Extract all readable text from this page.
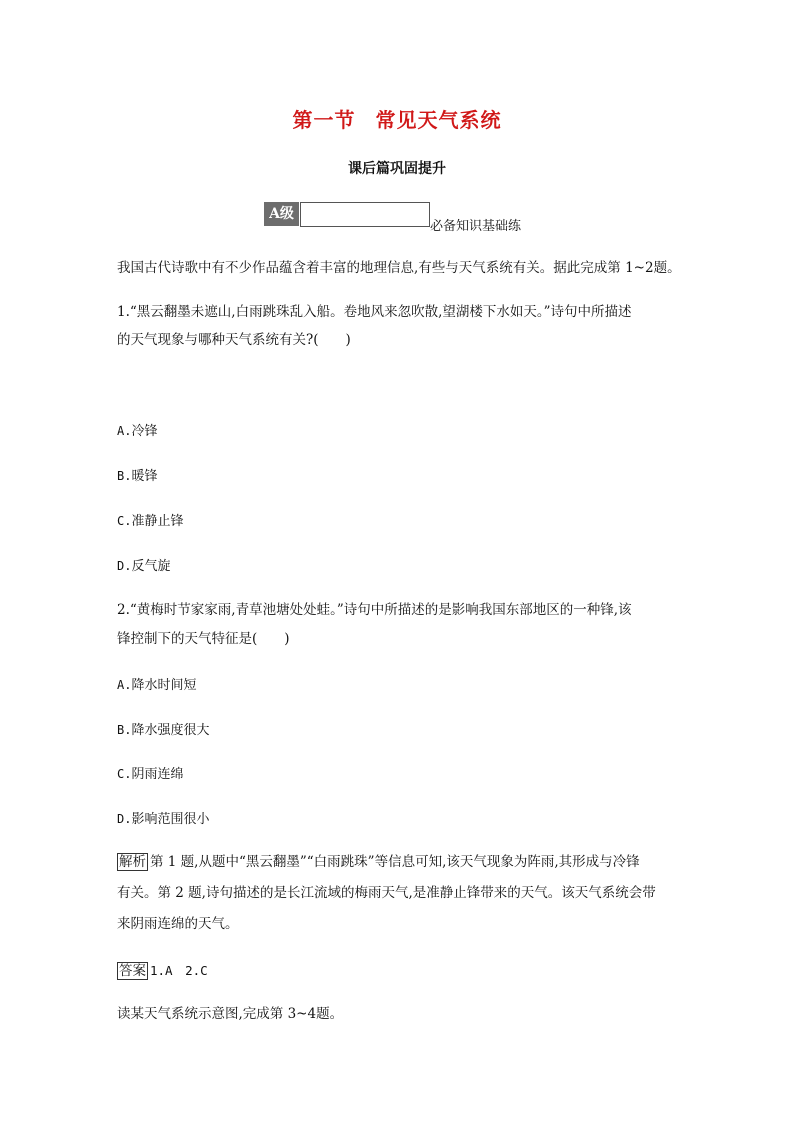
第一节 常见天气系统
课后篇巩固提升
A级
必备知识基础练
我国古代诗歌中有不少作品蕴含着丰富的地理信息,有些与天气系统有关。据此完成第 1~2题。
1.“黑云翻墨未遮山,白雨跳珠乱入船。卷地风来忽吹散,望湖楼下水如天。”诗句中所描述
的天气现象与哪种天气系统有关?(　　)
A.冷锋
B.暖锋
C.准静止锋
D.反气旋
2.“黄梅时节家家雨,青草池塘处处蛙。”诗句中所描述的是影响我国东部地区的一种锋,该
锋控制下的天气特征是(　　)
A.降水时间短
B.降水强度很大
C.阴雨连绵
D.影响范围很小
解析 第 1 题,从题中“黑云翻墨”“白雨跳珠”等信息可知,该天气现象为阵雨,其形成与冷锋
有关。第 2 题,诗句描述的是长江流域的梅雨天气,是准静止锋带来的天气。该天气系统会带
来阴雨连绵的天气。
答案 1.A　2.C
读某天气系统示意图,完成第 3~4题。
